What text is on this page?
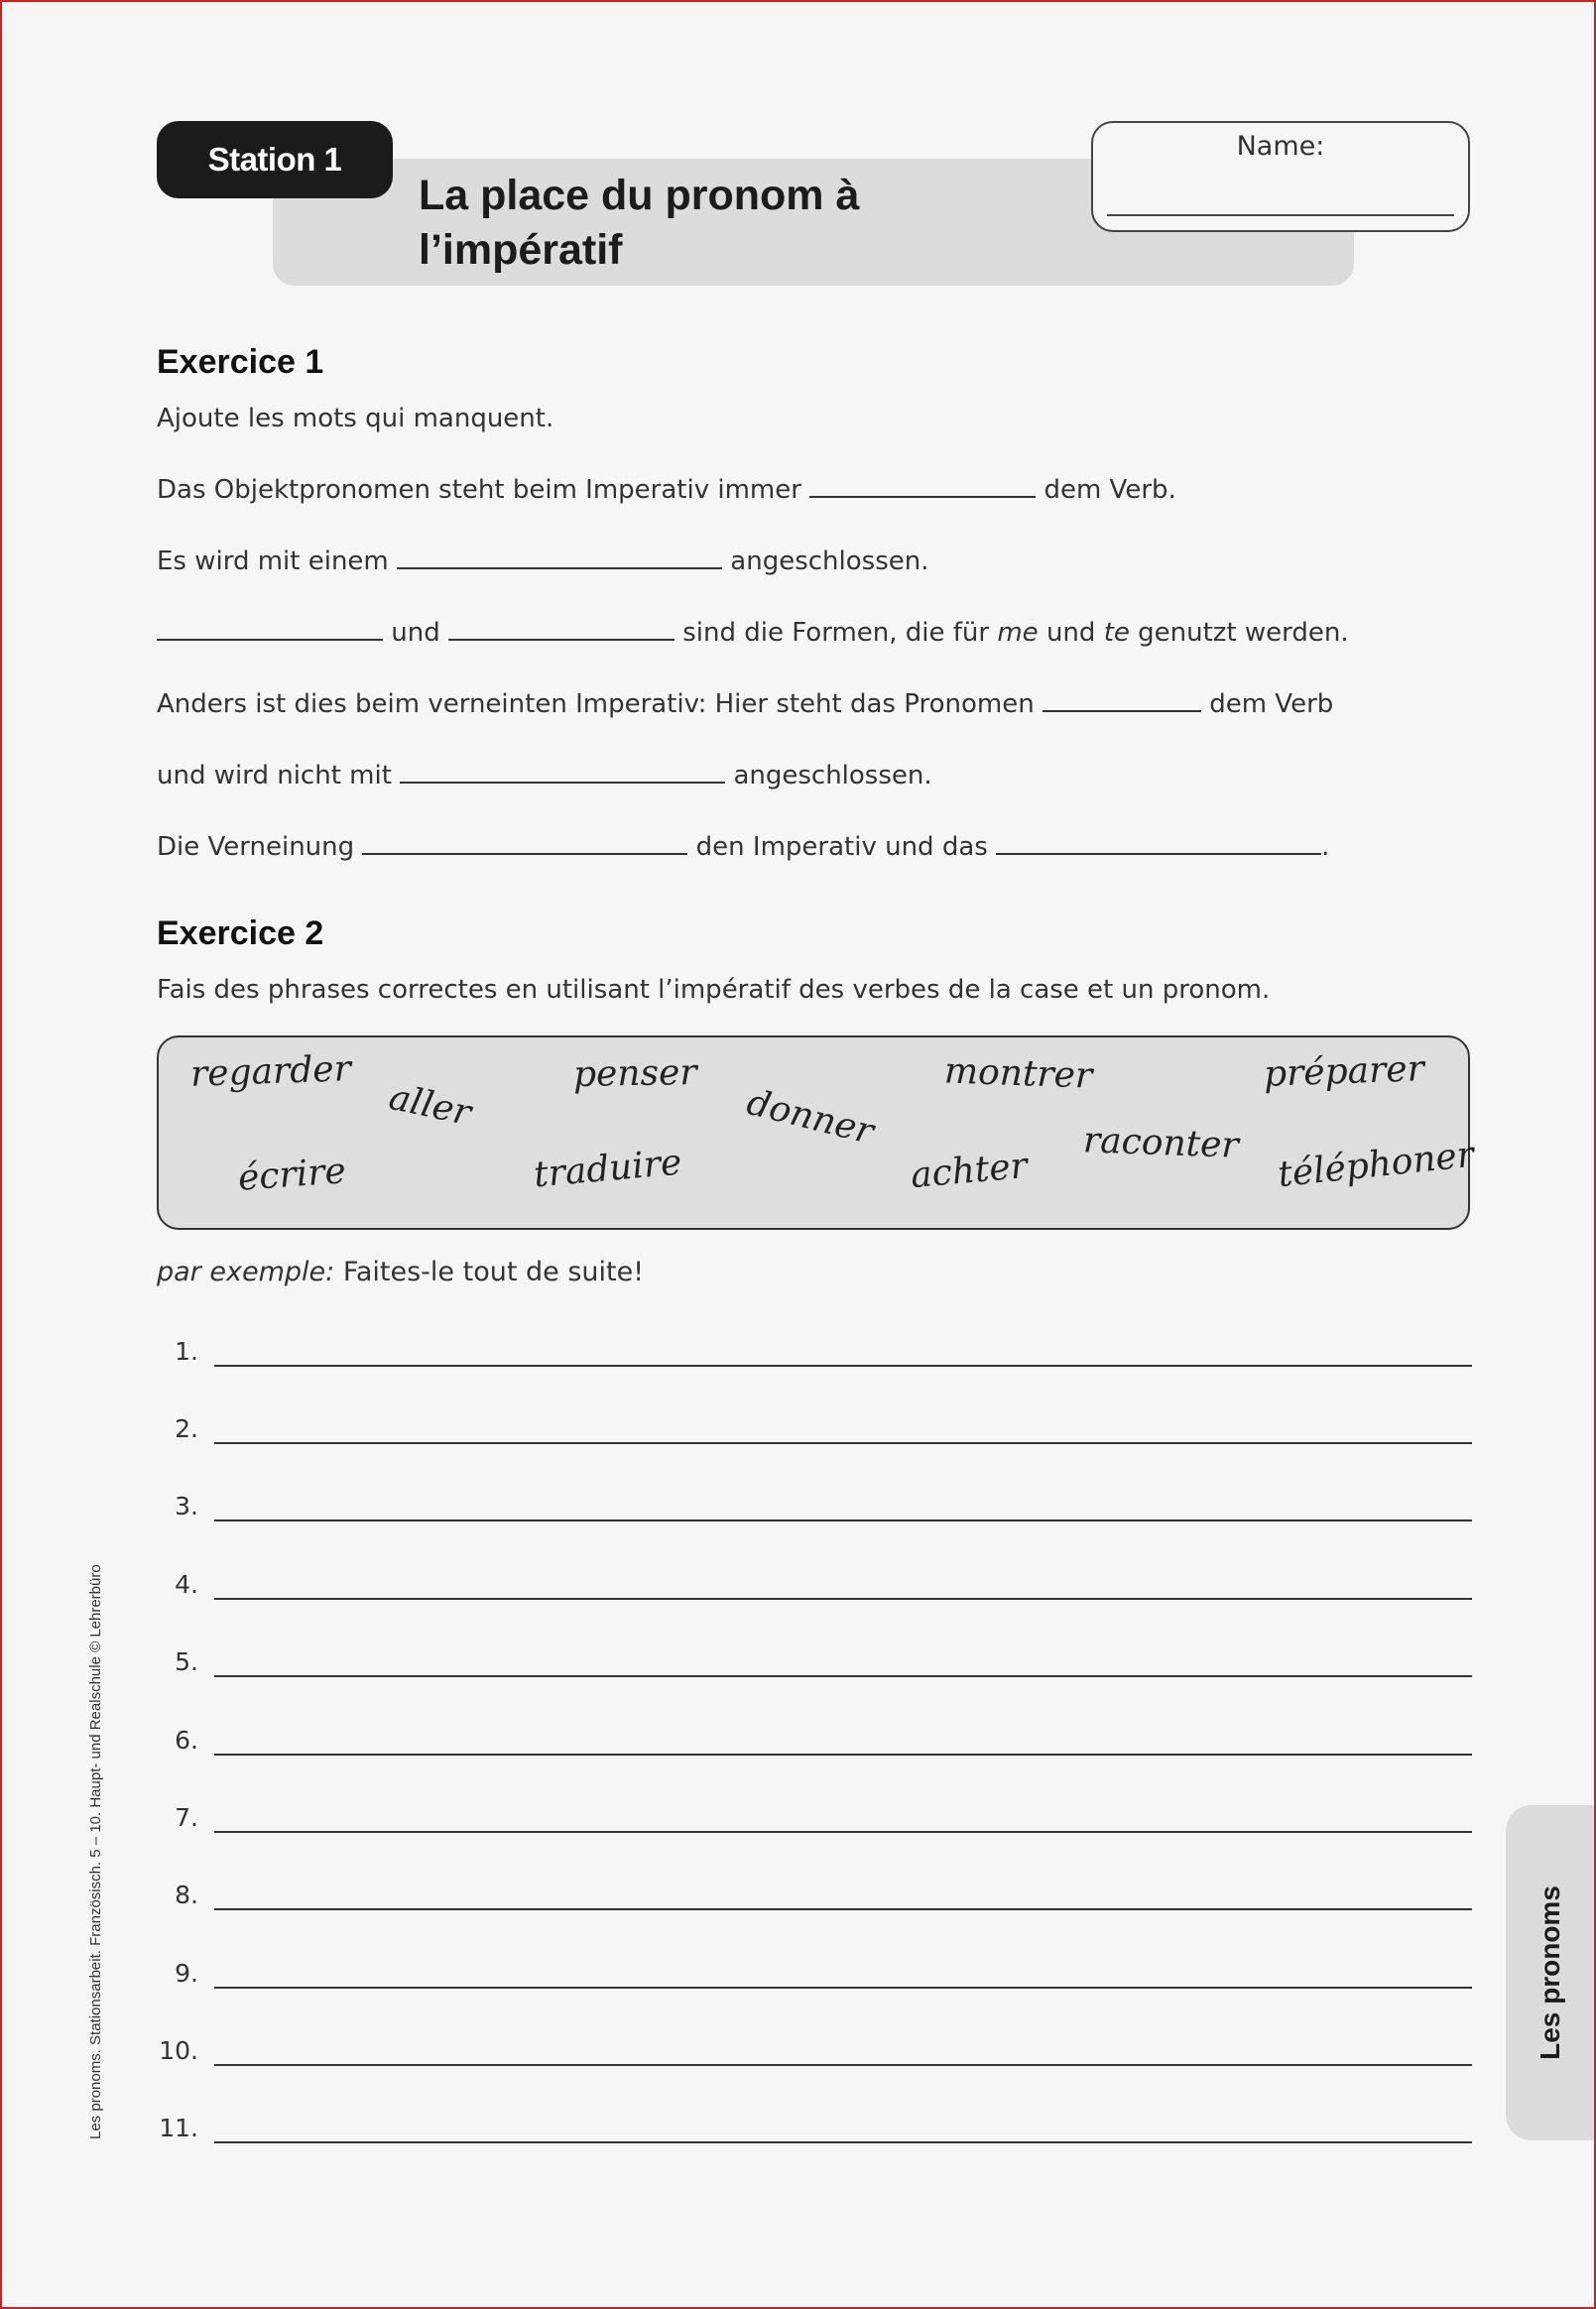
Station 1
La place du pronom à
l’impératif
Name:
Exercice 1
Ajoute les mots qui manquent.
Das Objektpronomen steht beim Imperativ immer	dem Verb.
Es wird mit einem	angeschlossen.
und	sind die Formen, die für me und te genutzt werden.
Anders ist dies beim verneinten Imperativ: Hier steht das Pronomen	dem Verb
und wird nicht mit	angeschlossen.
Die Verneinung	den Imperativ und das	.
Exercice 2
Fais des phrases correctes en utilisant l’impératif des verbes de la case et un pronom.
regarder
aller
penser
donner
montrer	préparer
écrire	traduire	achter
raconter téléphoner
par exemple: Faites-le tout de suite!
1.
2.
3.
4.
5.
6.
7.
8.
9.
10.
11.
Les pronoms. Stationsarbeit. Französisch. 5 – 10. Haupt- und Realschule © Lehrerbüro	Les pronoms
